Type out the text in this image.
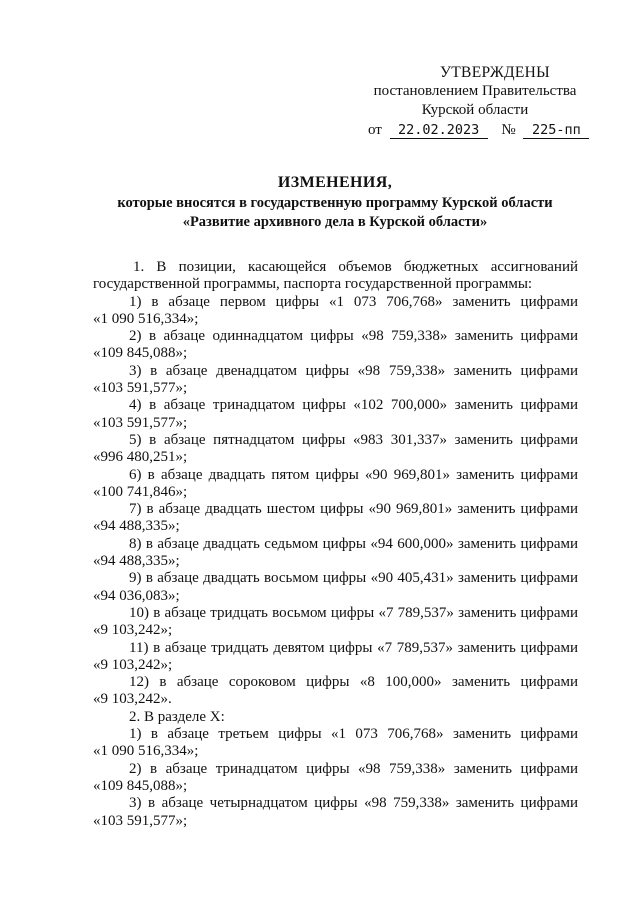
УТВЕРЖДЕНЫ
постановлением Правительства
Курской области
от 22.02.2023 № 225-пп
ИЗМЕНЕНИЯ,
которые вносятся в государственную программу Курской области
«Развитие архивного дела в Курской области»

1. В позиции, касающейся объемов бюджетных ассигнований государственной программы, паспорта государственной программы:

1) в абзаце первом цифры «1 073 706,768» заменить цифрами
«1 090 516,334»;
2) в абзаце одиннадцатом цифры «98 759,338» заменить цифрами
«109 845,088»;
3) в абзаце двенадцатом цифры «98 759,338» заменить цифрами
«103 591,577»;
4) в абзаце тринадцатом цифры «102 700,000» заменить цифрами
«103 591,577»;
5) в абзаце пятнадцатом цифры «983 301,337» заменить цифрами
«996 480,251»;
6) в абзаце двадцать пятом цифры «90 969,801» заменить цифрами
«100 741,846»;
7) в абзаце двадцать шестом цифры «90 969,801» заменить цифрами
«94 488,335»;
8) в абзаце двадцать седьмом цифры «94 600,000» заменить цифрами
«94 488,335»;
9) в абзаце двадцать восьмом цифры «90 405,431» заменить цифрами
«94 036,083»;
10) в абзаце тридцать восьмом цифры «7 789,537» заменить цифрами
«9 103,242»;
11) в абзаце тридцать девятом цифры «7 789,537» заменить цифрами
«9 103,242»;
12) в абзаце сороковом цифры «8 100,000» заменить цифрами
«9 103,242».

2. В разделе Х:

1) в абзаце третьем цифры «1 073 706,768» заменить цифрами
«1 090 516,334»;
2) в абзаце тринадцатом цифры «98 759,338» заменить цифрами
«109 845,088»;
3) в абзаце четырнадцатом цифры «98 759,338» заменить цифрами
«103 591,577»;
